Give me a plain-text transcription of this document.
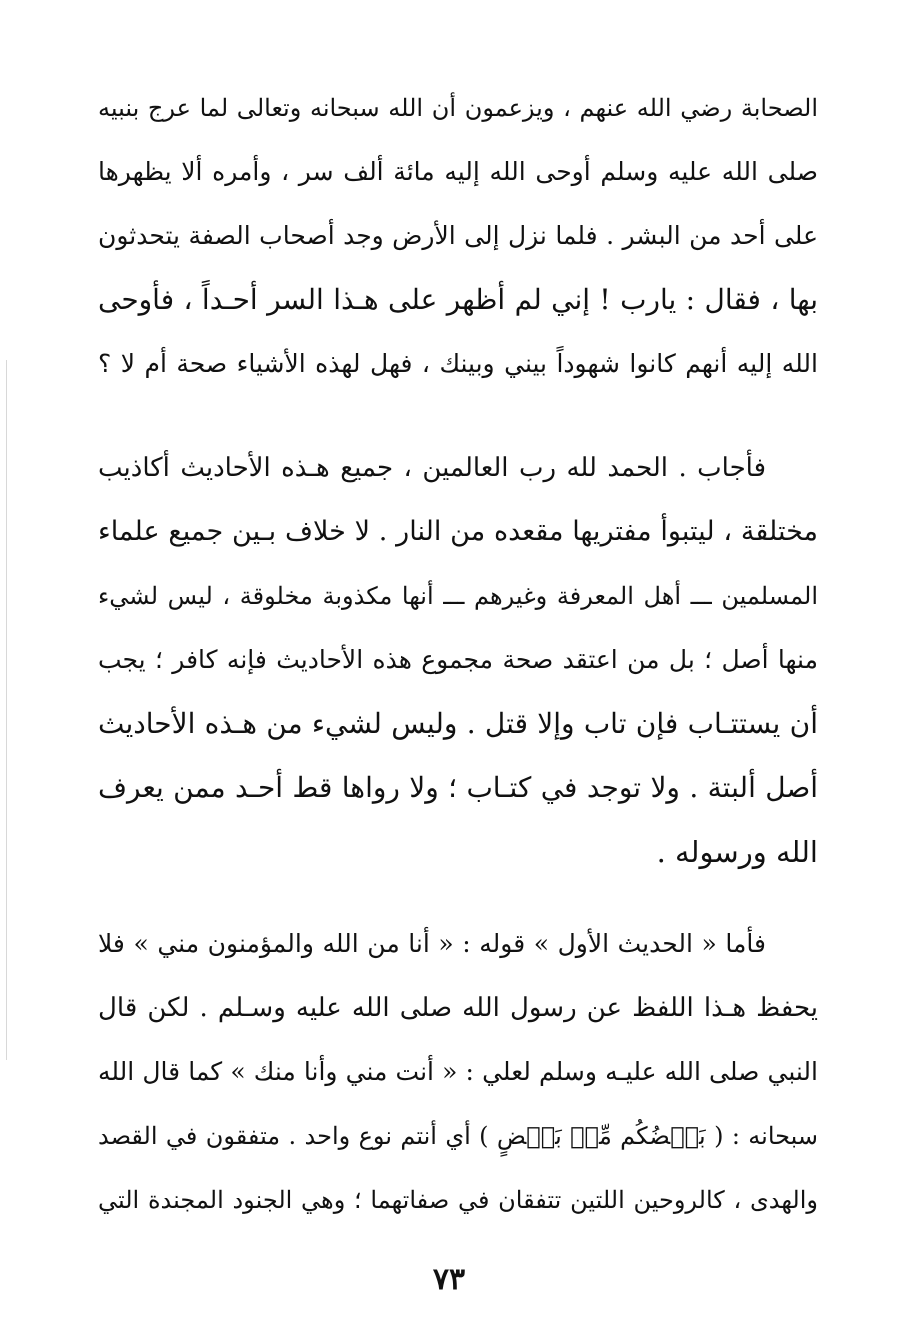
الصحابة رضي الله عنهم ، ويزعمون أن الله سبحانه وتعالى لما عرج بنبيه
صلى الله عليه وسلم أوحى الله إليه مائة ألف سر ، وأمره ألا يظهرها
على أحد من البشر . فلما نزل إلى الأرض وجد أصحاب الصفة يتحدثون
بها ، فقال : يارب ! إني لم أظهر على هـذا السر أحـداً ، فأوحى
الله إليه أنهم كانوا شهوداً بيني وبينك ، فهل لهذه الأشياء صحة أم لا ؟
فأجاب . الحمد لله رب العالمين ، جميع هـذه الأحاديث أكاذيب
مختلقة ، ليتبوأ مفتريها مقعده من النار . لا خلاف بـين جميع علماء
المسلمين ـــ أهل المعرفة وغيرهم ـــ أنها مكذوبة مخلوقة ، ليس لشيء
منها أصل ؛ بل من اعتقد صحة مجموع هذه الأحاديث فإنه كافر ؛ يجب
أن يستتـاب فإن تاب وإلا قتل . وليس لشيء من هـذه الأحاديث
أصل ألبتة . ولا توجد في كتـاب ؛ ولا رواها قط أحـد ممن يعرف
الله ورسوله .
فأما « الحديث الأول » قوله : « أنا من الله والمؤمنون مني » فلا
يحفظ هـذا اللفظ عن رسول الله صلى الله عليه وسـلم . لكن قال
النبي صلى الله عليـه وسلم لعلي : « أنت مني وأنا منك » كما قال الله
سبحانه : ( بَعۡضُكُم مِّنۢ بَعۡضٍ ) أي أنتم نوع واحد . متفقون في القصد
والهدى ، كالروحين اللتين تتفقان في صفاتهما ؛ وهي الجنود المجندة التي
٧٣
